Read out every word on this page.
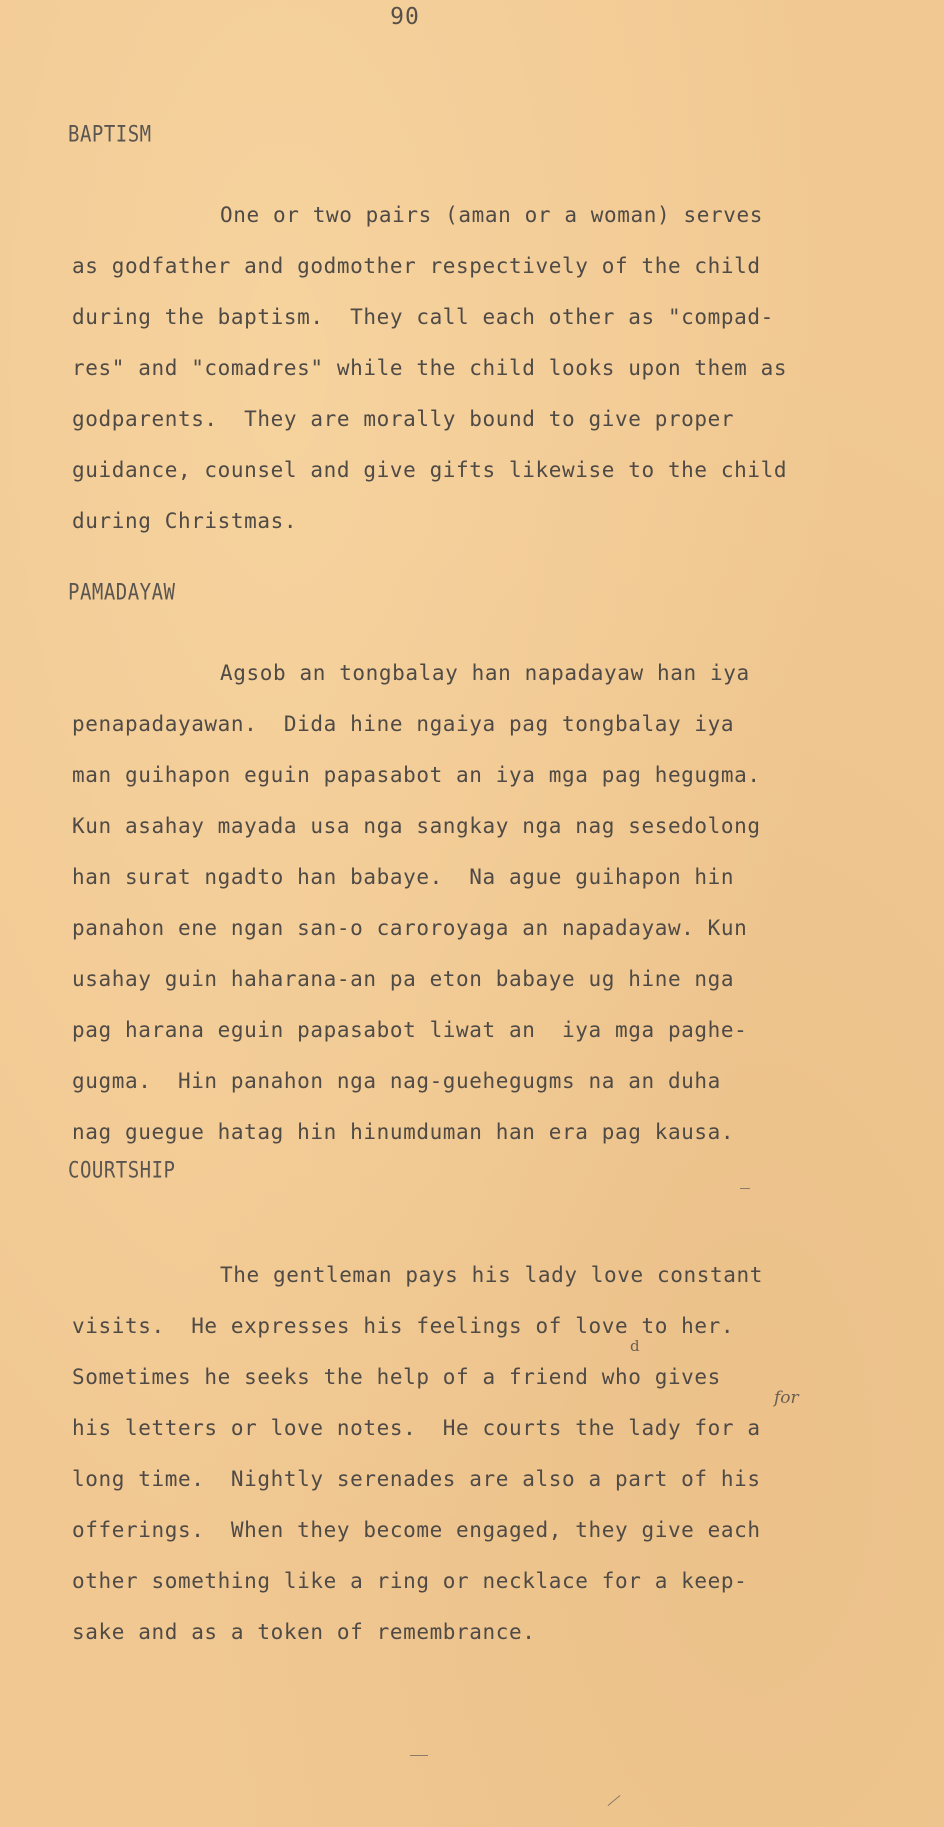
90
BAPTISM
One or two pairs (aman or a woman) serves
as godfather and godmother respectively of the child
during the baptism.  They call each other as "compad-
res" and "comadres" while the child looks upon them as
godparents.  They are morally bound to give proper
guidance, counsel and give gifts likewise to the child
during Christmas.
PAMADAYAW
Agsob an tongbalay han napadayaw han iya
penapadayawan.  Dida hine ngaiya pag tongbalay iya
man guihapon eguin papasabot an iya mga pag hegugma.
Kun asahay mayada usa nga sangkay nga nag sesedolong
han surat ngadto han babaye.  Na ague guihapon hin
panahon ene ngan san-o caroroyaga an napadayaw. Kun
usahay guin haharana-an pa eton babaye ug hine nga
pag harana eguin papasabot liwat an  iya mga paghe-
gugma.  Hin panahon nga nag-guehegugms na an duha
nag guegue hatag hin hinumduman han era pag kausa.
COURTSHIP
The gentleman pays his lady love constant
visits.  He expresses his feelings of love to her.
Sometimes he seeks the help of a friend who gives
his letters or love notes.  He courts the lady for a
long time.  Nightly serenades are also a part of his
offerings.  When they become engaged, they give each
other something like a ring or necklace for a keep-
sake and as a token of remembrance.
for
d
